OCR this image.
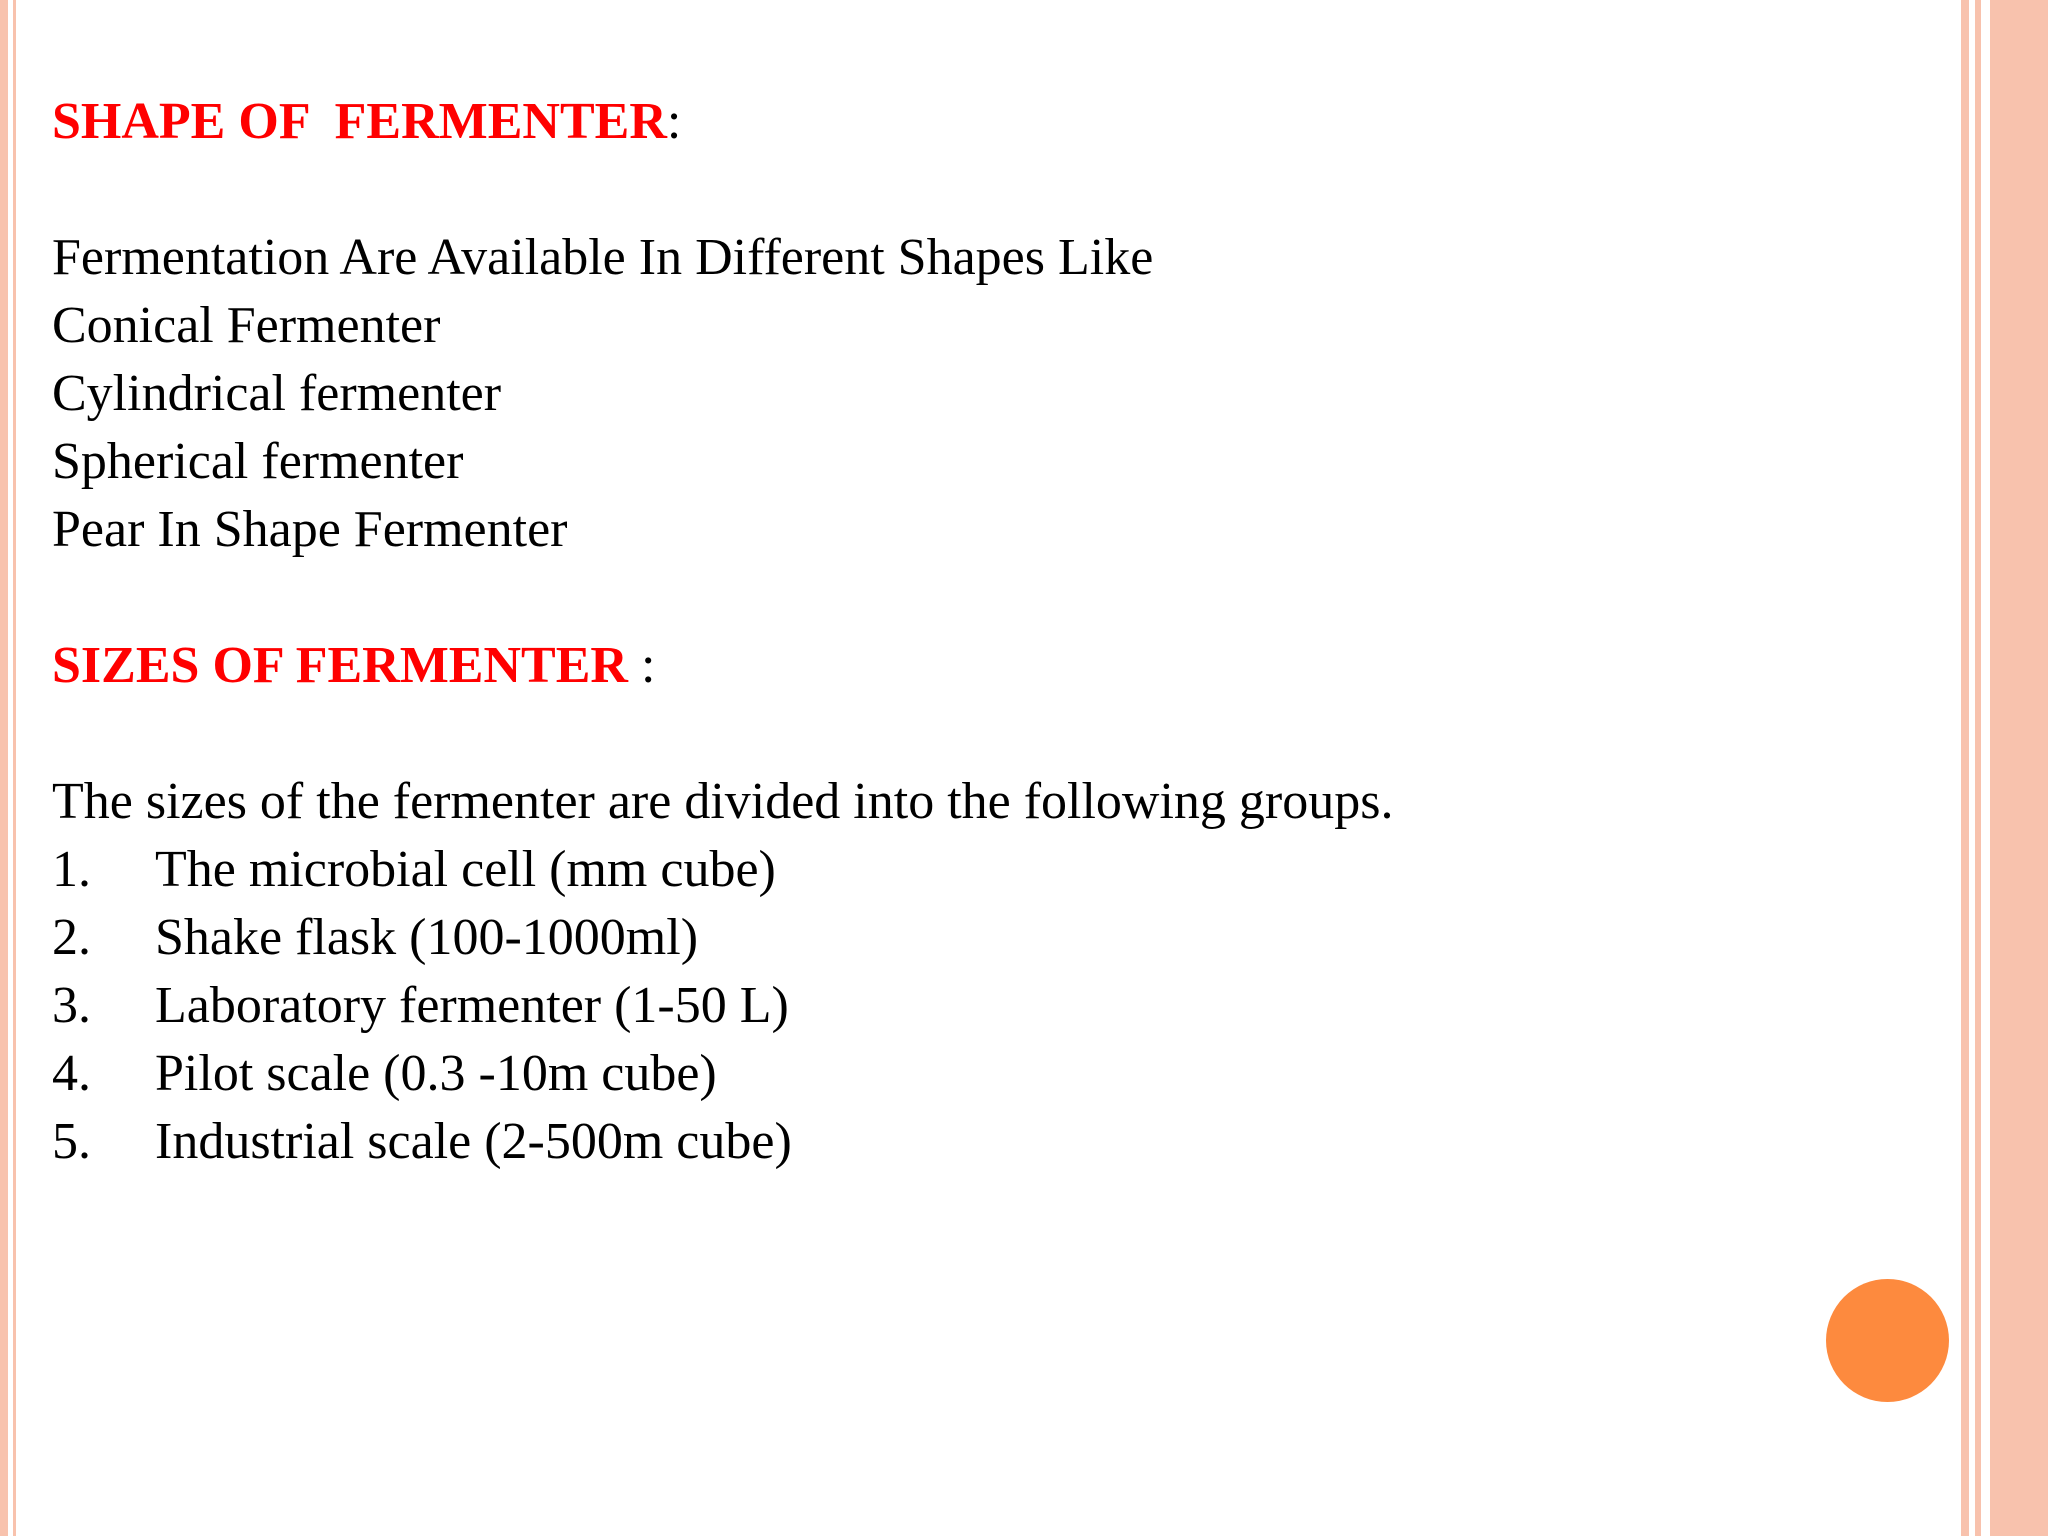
SHAPE OF  FERMENTER:
Fermentation Are Available In Different Shapes Like
Conical Fermenter
Cylindrical fermenter
Spherical fermenter
Pear In Shape Fermenter
SIZES OF FERMENTER :
The sizes of the fermenter are divided into the following groups.
1.	The microbial cell (mm cube)
2.	Shake flask (100-1000ml)
3.	Laboratory fermenter (1-50 L)
4.	Pilot scale (0.3 -10m cube)
5.	Industrial scale (2-500m cube)
